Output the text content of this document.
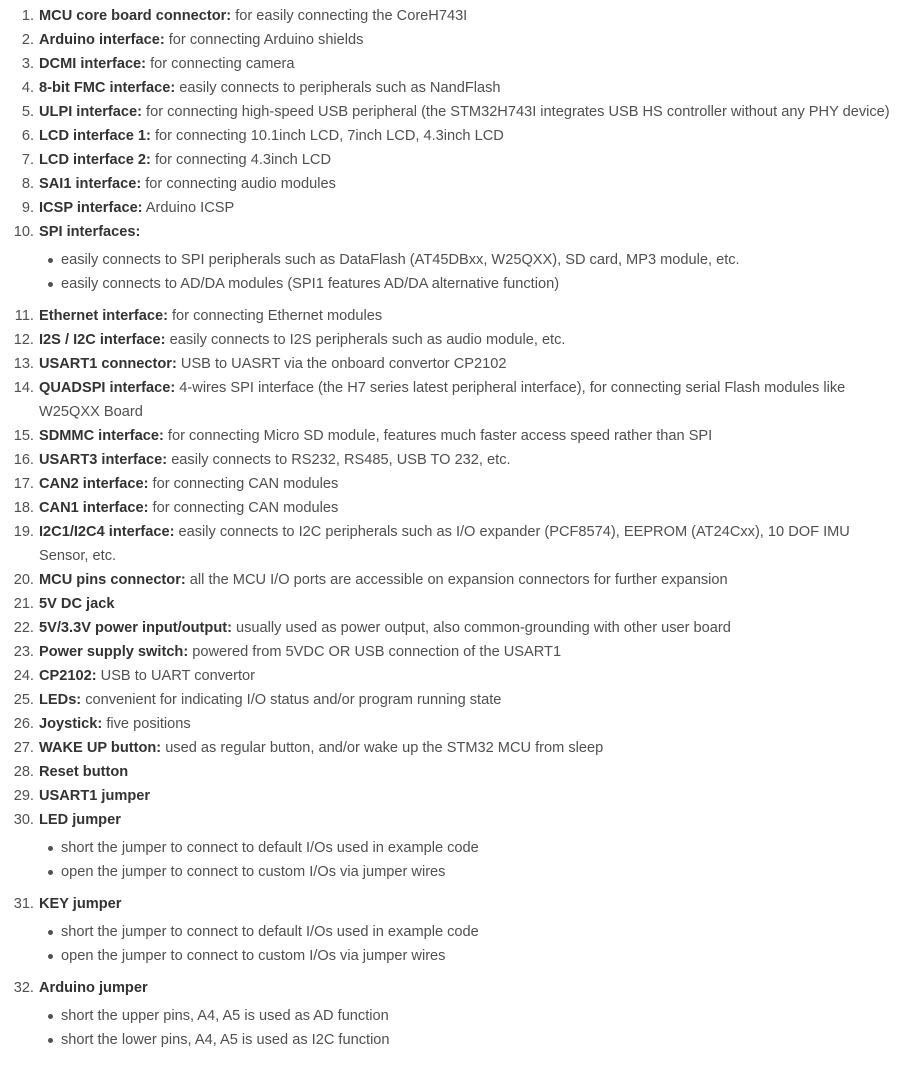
1. MCU core board connector: for easily connecting the CoreH743I
2. Arduino interface: for connecting Arduino shields
3. DCMI interface: for connecting camera
4. 8-bit FMC interface: easily connects to peripherals such as NandFlash
5. ULPI interface: for connecting high-speed USB peripheral (the STM32H743I integrates USB HS controller without any PHY device)
6. LCD interface 1: for connecting 10.1inch LCD, 7inch LCD, 4.3inch LCD
7. LCD interface 2: for connecting 4.3inch LCD
8. SAI1 interface: for connecting audio modules
9. ICSP interface: Arduino ICSP
10. SPI interfaces:
easily connects to SPI peripherals such as DataFlash (AT45DBxx, W25QXX), SD card, MP3 module, etc.
easily connects to AD/DA modules (SPI1 features AD/DA alternative function)
11. Ethernet interface: for connecting Ethernet modules
12. I2S / I2C interface: easily connects to I2S peripherals such as audio module, etc.
13. USART1 connector: USB to UASRT via the onboard convertor CP2102
14. QUADSPI interface: 4-wires SPI interface (the H7 series latest peripheral interface), for connecting serial Flash modules like W25QXX Board
15. SDMMC interface: for connecting Micro SD module, features much faster access speed rather than SPI
16. USART3 interface: easily connects to RS232, RS485, USB TO 232, etc.
17. CAN2 interface: for connecting CAN modules
18. CAN1 interface: for connecting CAN modules
19. I2C1/I2C4 interface: easily connects to I2C peripherals such as I/O expander (PCF8574), EEPROM (AT24Cxx), 10 DOF IMU Sensor, etc.
20. MCU pins connector: all the MCU I/O ports are accessible on expansion connectors for further expansion
21. 5V DC jack
22. 5V/3.3V power input/output: usually used as power output, also common-grounding with other user board
23. Power supply switch: powered from 5VDC OR USB connection of the USART1
24. CP2102: USB to UART convertor
25. LEDs: convenient for indicating I/O status and/or program running state
26. Joystick: five positions
27. WAKE UP button: used as regular button, and/or wake up the STM32 MCU from sleep
28. Reset button
29. USART1 jumper
30. LED jumper
short the jumper to connect to default I/Os used in example code
open the jumper to connect to custom I/Os via jumper wires
31. KEY jumper
short the jumper to connect to default I/Os used in example code
open the jumper to connect to custom I/Os via jumper wires
32. Arduino jumper
short the upper pins, A4, A5 is used as AD function
short the lower pins, A4, A5 is used as I2C function
